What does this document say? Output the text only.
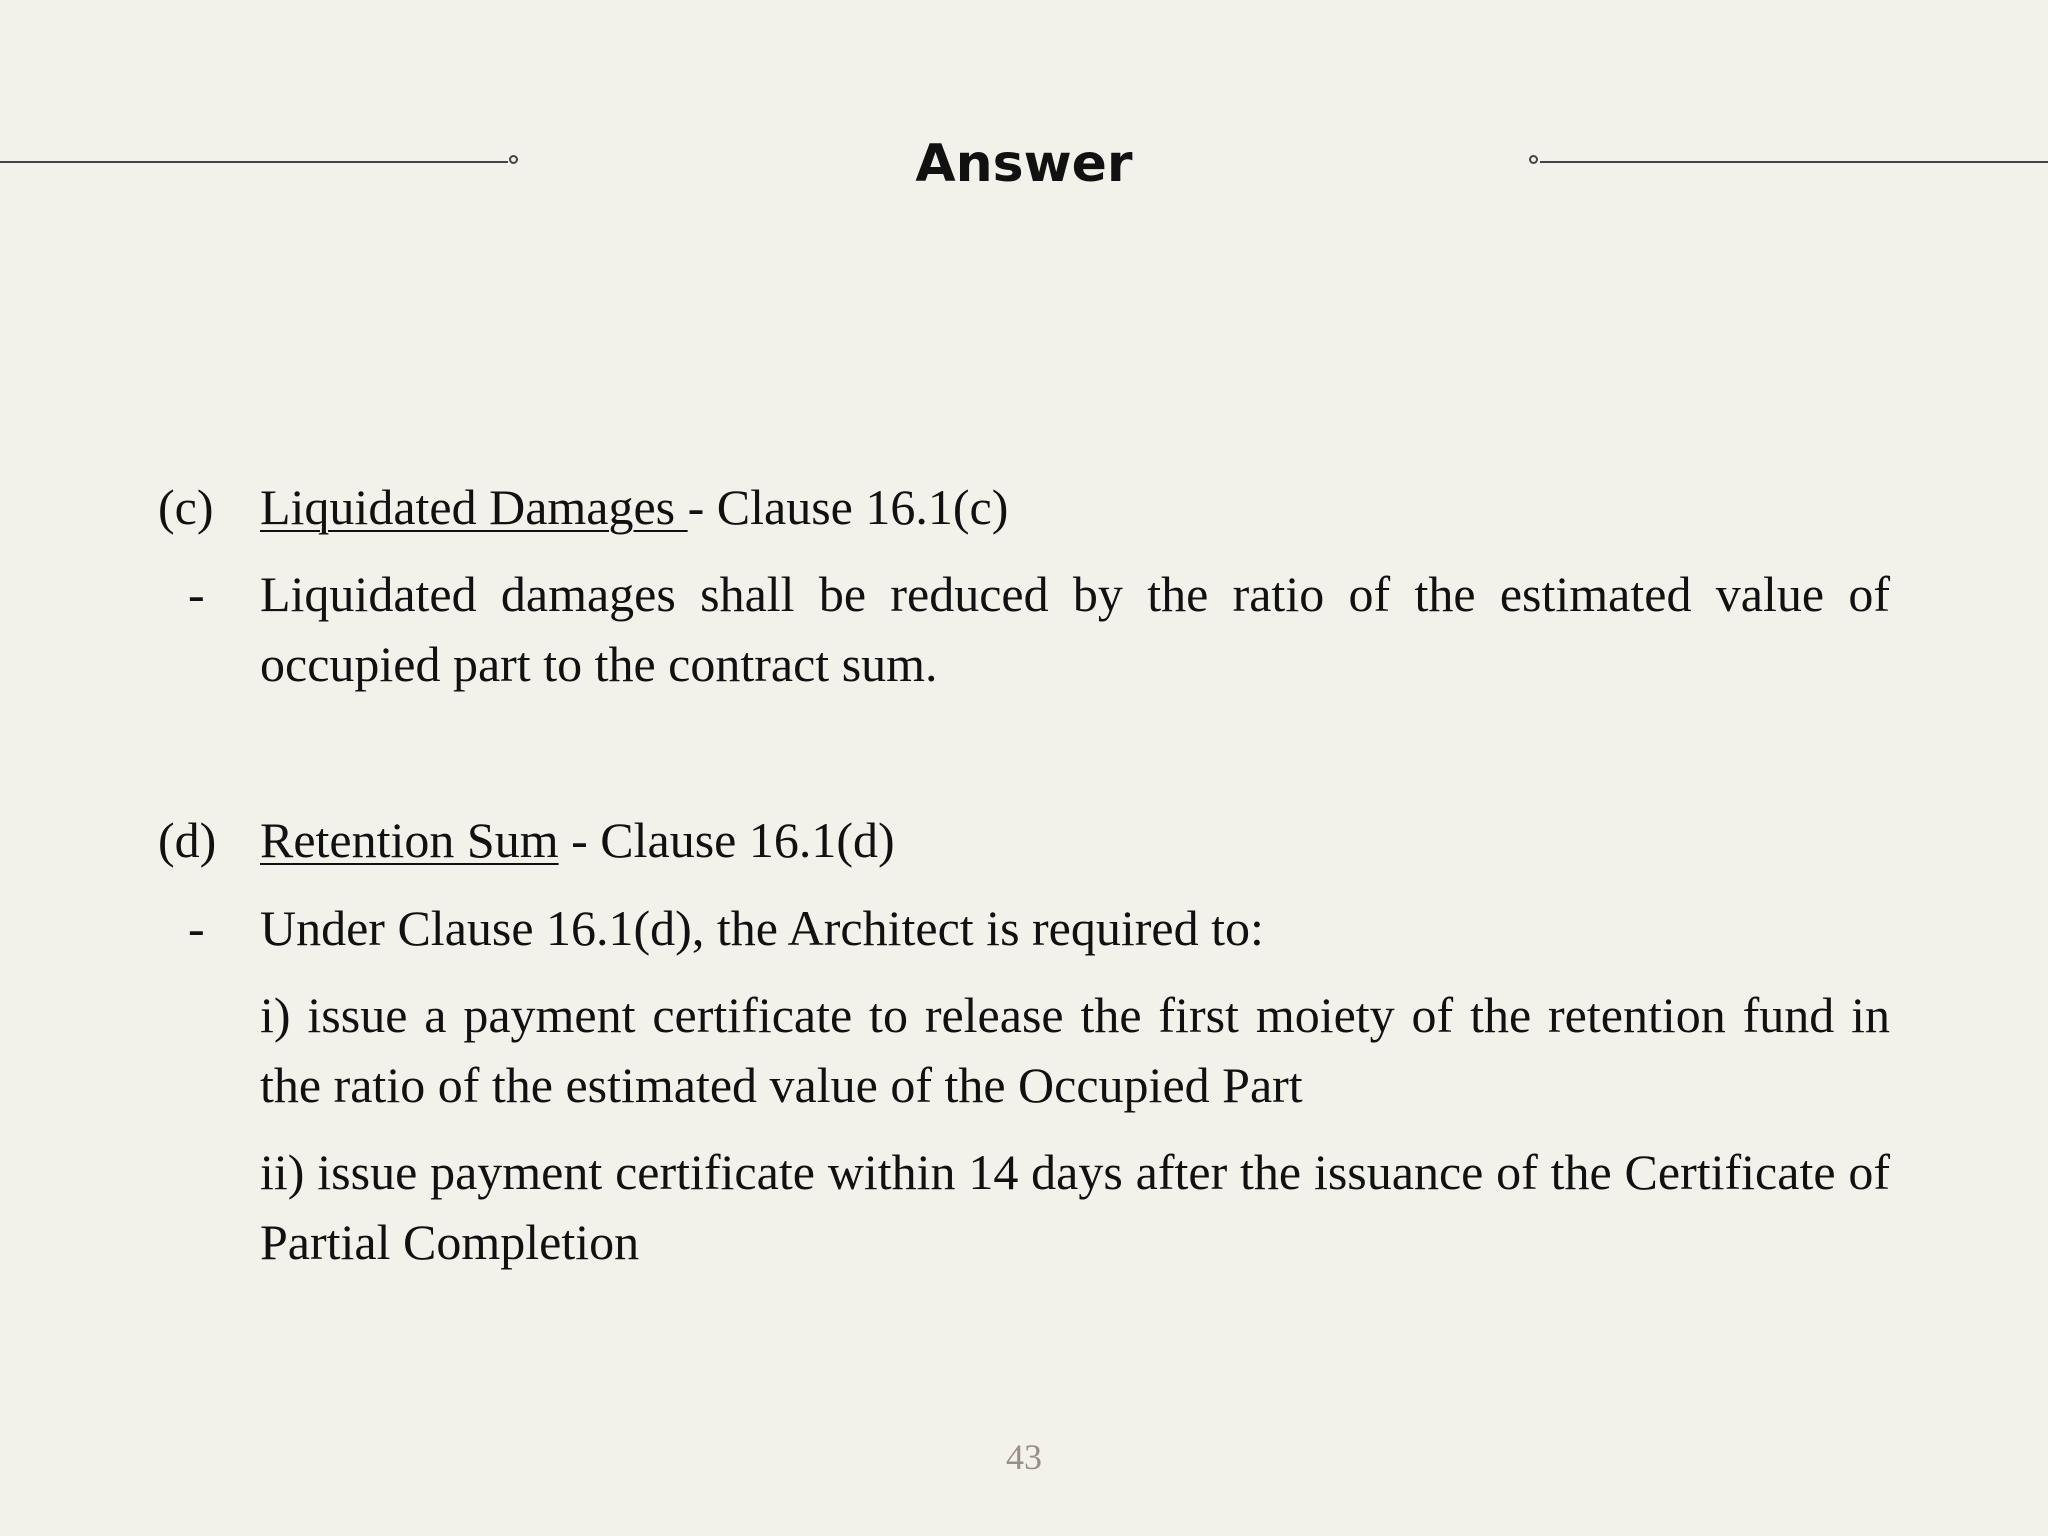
Answer
(c) Liquidated Damages - Clause 16.1(c)
-	Liquidated damages shall be reduced by the ratio of the estimated value of occupied part to the contract sum.
(d) Retention Sum - Clause 16.1(d)
-	Under Clause 16.1(d), the Architect is required to:
i) issue a payment certificate to release the first moiety of the retention fund in the ratio of the estimated value of the Occupied Part
ii) issue payment certificate within 14 days after the issuance of the Certificate of Partial Completion
43
